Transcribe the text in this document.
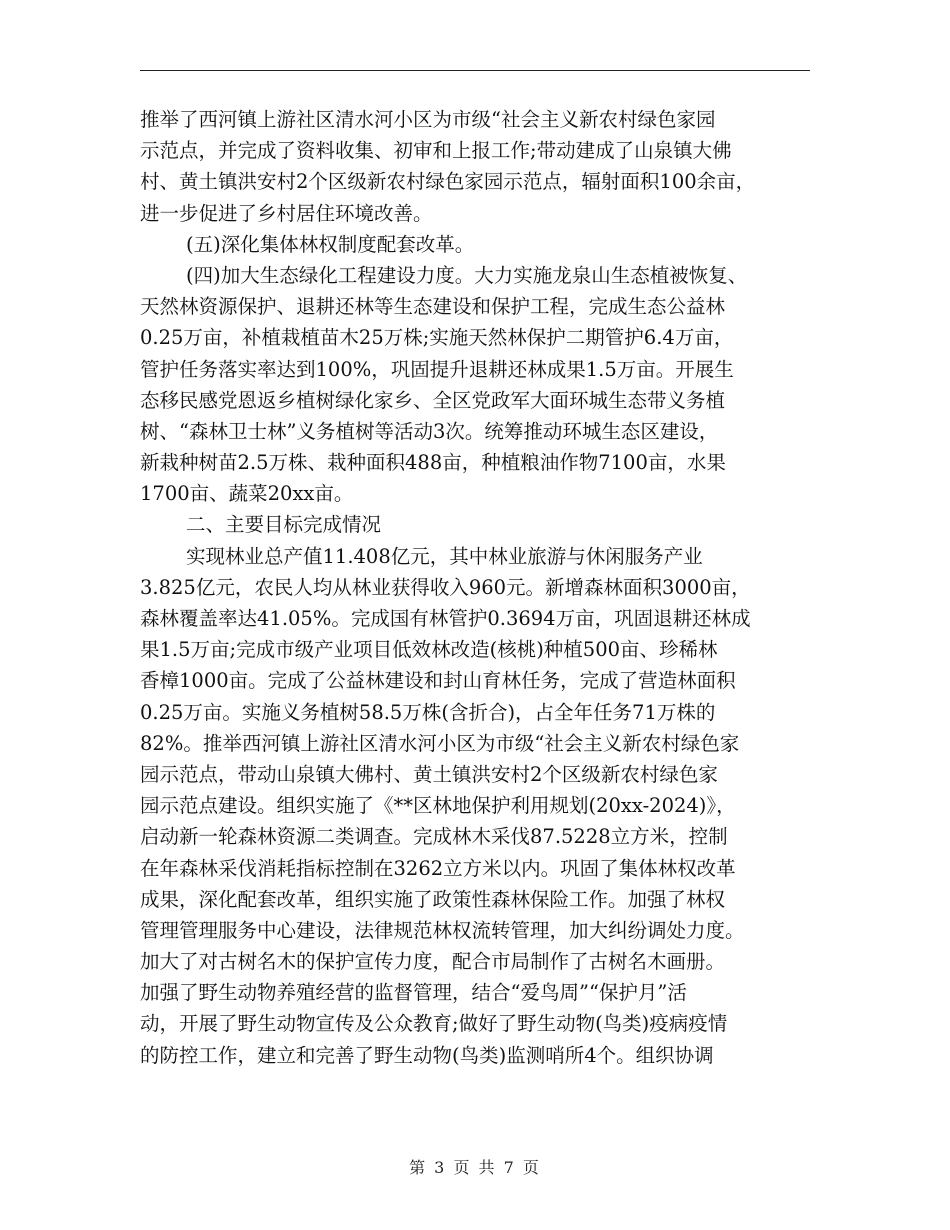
推举了西河镇上游社区清水河小区为市级“社会主义新农村绿色家园
示范点，并完成了资料收集、初审和上报工作;带动建成了山泉镇大佛
村、黄土镇洪安村2个区级新农村绿色家园示范点，辐射面积100余亩，
进一步促进了乡村居住环境改善。
(五)深化集体林权制度配套改革。
(四)加大生态绿化工程建设力度。大力实施龙泉山生态植被恢复、
天然林资源保护、退耕还林等生态建设和保护工程，完成生态公益林
0.25万亩，补植栽植苗木25万株;实施天然林保护二期管护6.4万亩，
管护任务落实率达到100%，巩固提升退耕还林成果1.5万亩。开展生
态移民感党恩返乡植树绿化家乡、全区党政军大面环城生态带义务植
树、“森林卫士林”义务植树等活动3次。统筹推动环城生态区建设，
新栽种树苗2.5万株、栽种面积488亩，种植粮油作物7100亩，水果
1700亩、蔬菜20xx亩。
二、主要目标完成情况
实现林业总产值11.408亿元，其中林业旅游与休闲服务产业
3.825亿元，农民人均从林业获得收入960元。新增森林面积3000亩，
森林覆盖率达41.05%。完成国有林管护0.3694万亩，巩固退耕还林成
果1.5万亩;完成市级产业项目低效林改造(核桃)种植500亩、珍稀林
香樟1000亩。完成了公益林建设和封山育林任务，完成了营造林面积
0.25万亩。实施义务植树58.5万株(含折合)，占全年任务71万株的
82%。推举西河镇上游社区清水河小区为市级“社会主义新农村绿色家
园示范点，带动山泉镇大佛村、黄土镇洪安村2个区级新农村绿色家
园示范点建设。组织实施了《**区林地保护利用规划(20xx-2024)》，
启动新一轮森林资源二类调查。完成林木采伐87.5228立方米，控制
在年森林采伐消耗指标控制在3262立方米以内。巩固了集体林权改革
成果，深化配套改革，组织实施了政策性森林保险工作。加强了林权
管理管理服务中心建设，法律规范林权流转管理，加大纠纷调处力度。
加大了对古树名木的保护宣传力度，配合市局制作了古树名木画册。
加强了野生动物养殖经营的监督管理，结合“爱鸟周”“保护月”活
动，开展了野生动物宣传及公众教育;做好了野生动物(鸟类)疫病疫情
的防控工作，建立和完善了野生动物(鸟类)监测哨所4个。组织协调
第 3 页 共 7 页
